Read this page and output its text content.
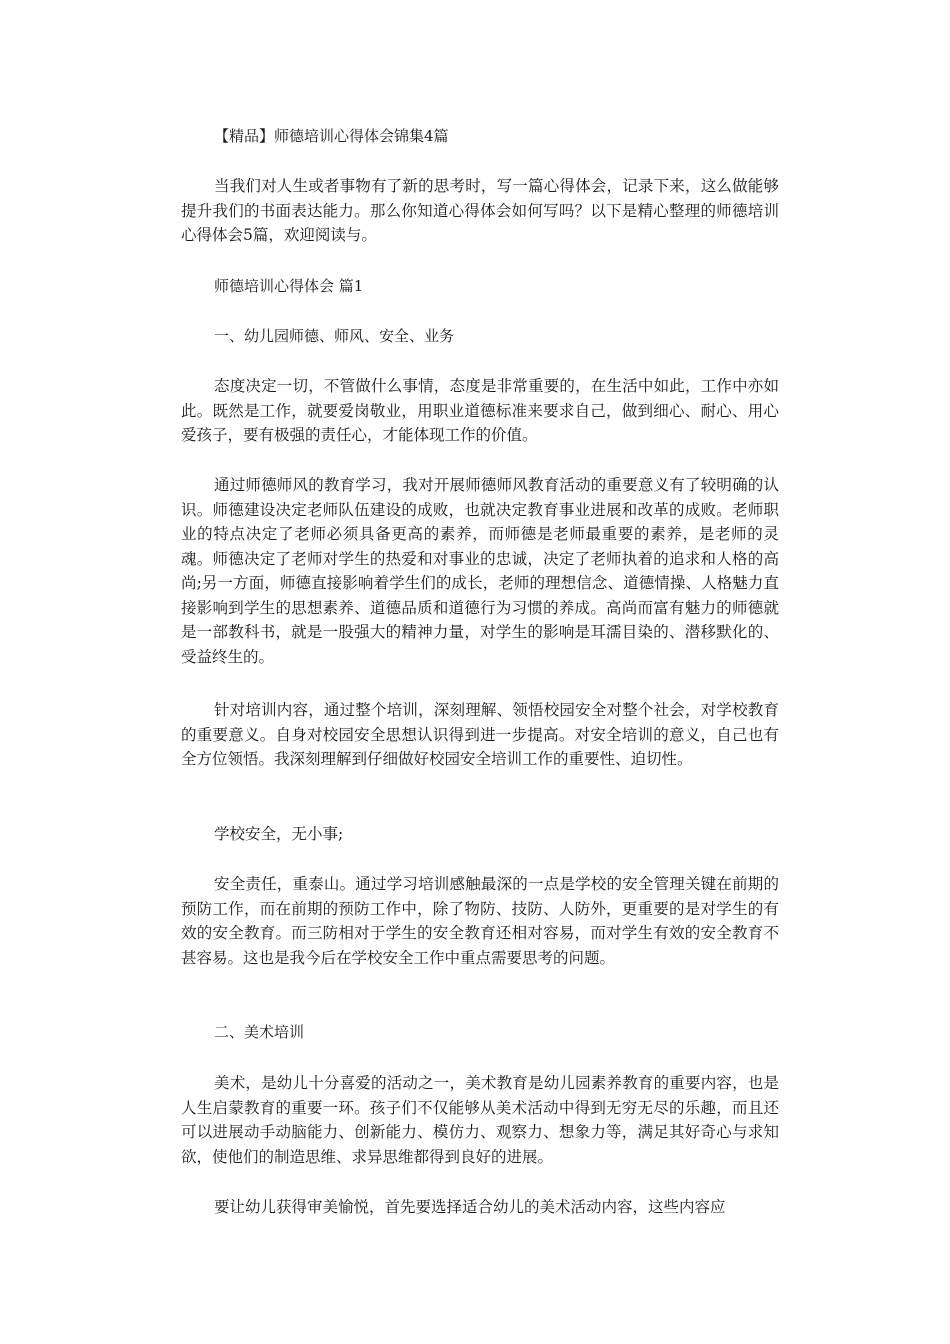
【精品】师德培训心得体会锦集4篇

当我们对人生或者事物有了新的思考时，写一篇心得体会，记录下来，这么做能够提升我们的书面表达能力。那么你知道心得体会如何写吗？以下是精心整理的师德培训心得体会5篇，欢迎阅读与。

师德培训心得体会 篇1

一、幼儿园师德、师风、安全、业务

态度决定一切，不管做什么事情，态度是非常重要的，在生活中如此，工作中亦如此。既然是工作，就要爱岗敬业，用职业道德标准来要求自己，做到细心、耐心、用心爱孩子，要有极强的责任心，才能体现工作的价值。

通过师德师风的教育学习，我对开展师德师风教育活动的重要意义有了较明确的认识。师德建设决定老师队伍建设的成败，也就决定教育事业进展和改革的成败。老师职业的特点决定了老师必须具备更高的素养，而师德是老师最重要的素养，是老师的灵魂。师德决定了老师对学生的热爱和对事业的忠诚，决定了老师执着的追求和人格的高尚;另一方面，师德直接影响着学生们的成长，老师的理想信念、道德情操、人格魅力直接影响到学生的思想素养、道德品质和道德行为习惯的养成。高尚而富有魅力的师德就是一部教科书，就是一股强大的精神力量，对学生的影响是耳濡目染的、潜移默化的、受益终生的。

针对培训内容，通过整个培训，深刻理解、领悟校园安全对整个社会，对学校教育的重要意义。自身对校园安全思想认识得到进一步提高。对安全培训的意义，自己也有全方位领悟。我深刻理解到仔细做好校园安全培训工作的重要性、迫切性。

学校安全，无小事;

安全责任，重泰山。通过学习培训感触最深的一点是学校的安全管理关键在前期的预防工作，而在前期的预防工作中，除了物防、技防、人防外，更重要的是对学生的有效的安全教育。而三防相对于学生的安全教育还相对容易，而对学生有效的安全教育不甚容易。这也是我今后在学校安全工作中重点需要思考的问题。

二、美术培训

美术，是幼儿十分喜爱的活动之一，美术教育是幼儿园素养教育的重要内容，也是人生启蒙教育的重要一环。孩子们不仅能够从美术活动中得到无穷无尽的乐趣，而且还可以进展动手动脑能力、创新能力、模仿力、观察力、想象力等，满足其好奇心与求知欲，使他们的制造思维、求异思维都得到良好的进展。

要让幼儿获得审美愉悦，首先要选择适合幼儿的美术活动内容，这些内容应
